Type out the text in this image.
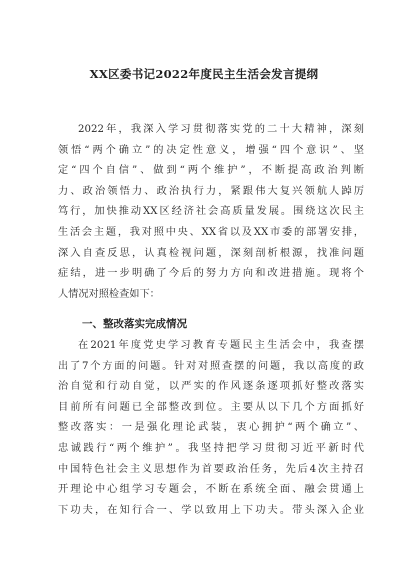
XX区委书记2022年度民主生活会发言提纲
2022年，我深入学习贯彻落实党的二十大精神，深刻
领悟“两个确立”的决定性意义，增强“四个意识”、坚
定“四个自信”、做到“两个维护”，不断提高政治判断
力、政治领悟力、政治执行力，紧跟伟大复兴领航人踔厉
笃行，加快推动XX区经济社会高质量发展。围绕这次民主
生活会主题，我对照中央、XX省以及XX市委的部署安排，
深入自查反思，认真检视问题，深刻剖析根源，找准问题
症结，进一步明确了今后的努力方向和改进措施。现将个
人情况对照检查如下：
一、整改落实完成情况
在2021年度党史学习教育专题民主生活会中，我查摆
出了7个方面的问题。针对对照查摆的问题，我以高度的政
治自觉和行动自觉，以严实的作风逐条逐项抓好整改落实
目前所有问题已全部整改到位。主要从以下几个方面抓好
整改落实：一是强化理论武装，衷心拥护“两个确立”、
忠诚践行“两个维护”。我坚持把学习贯彻习近平新时代
中国特色社会主义思想作为首要政治任务，先后4次主持召
开理论中心组学习专题会，不断在系统全面、融会贯通上
下功夫，在知行合一、学以致用上下功夫。带头深入企业
